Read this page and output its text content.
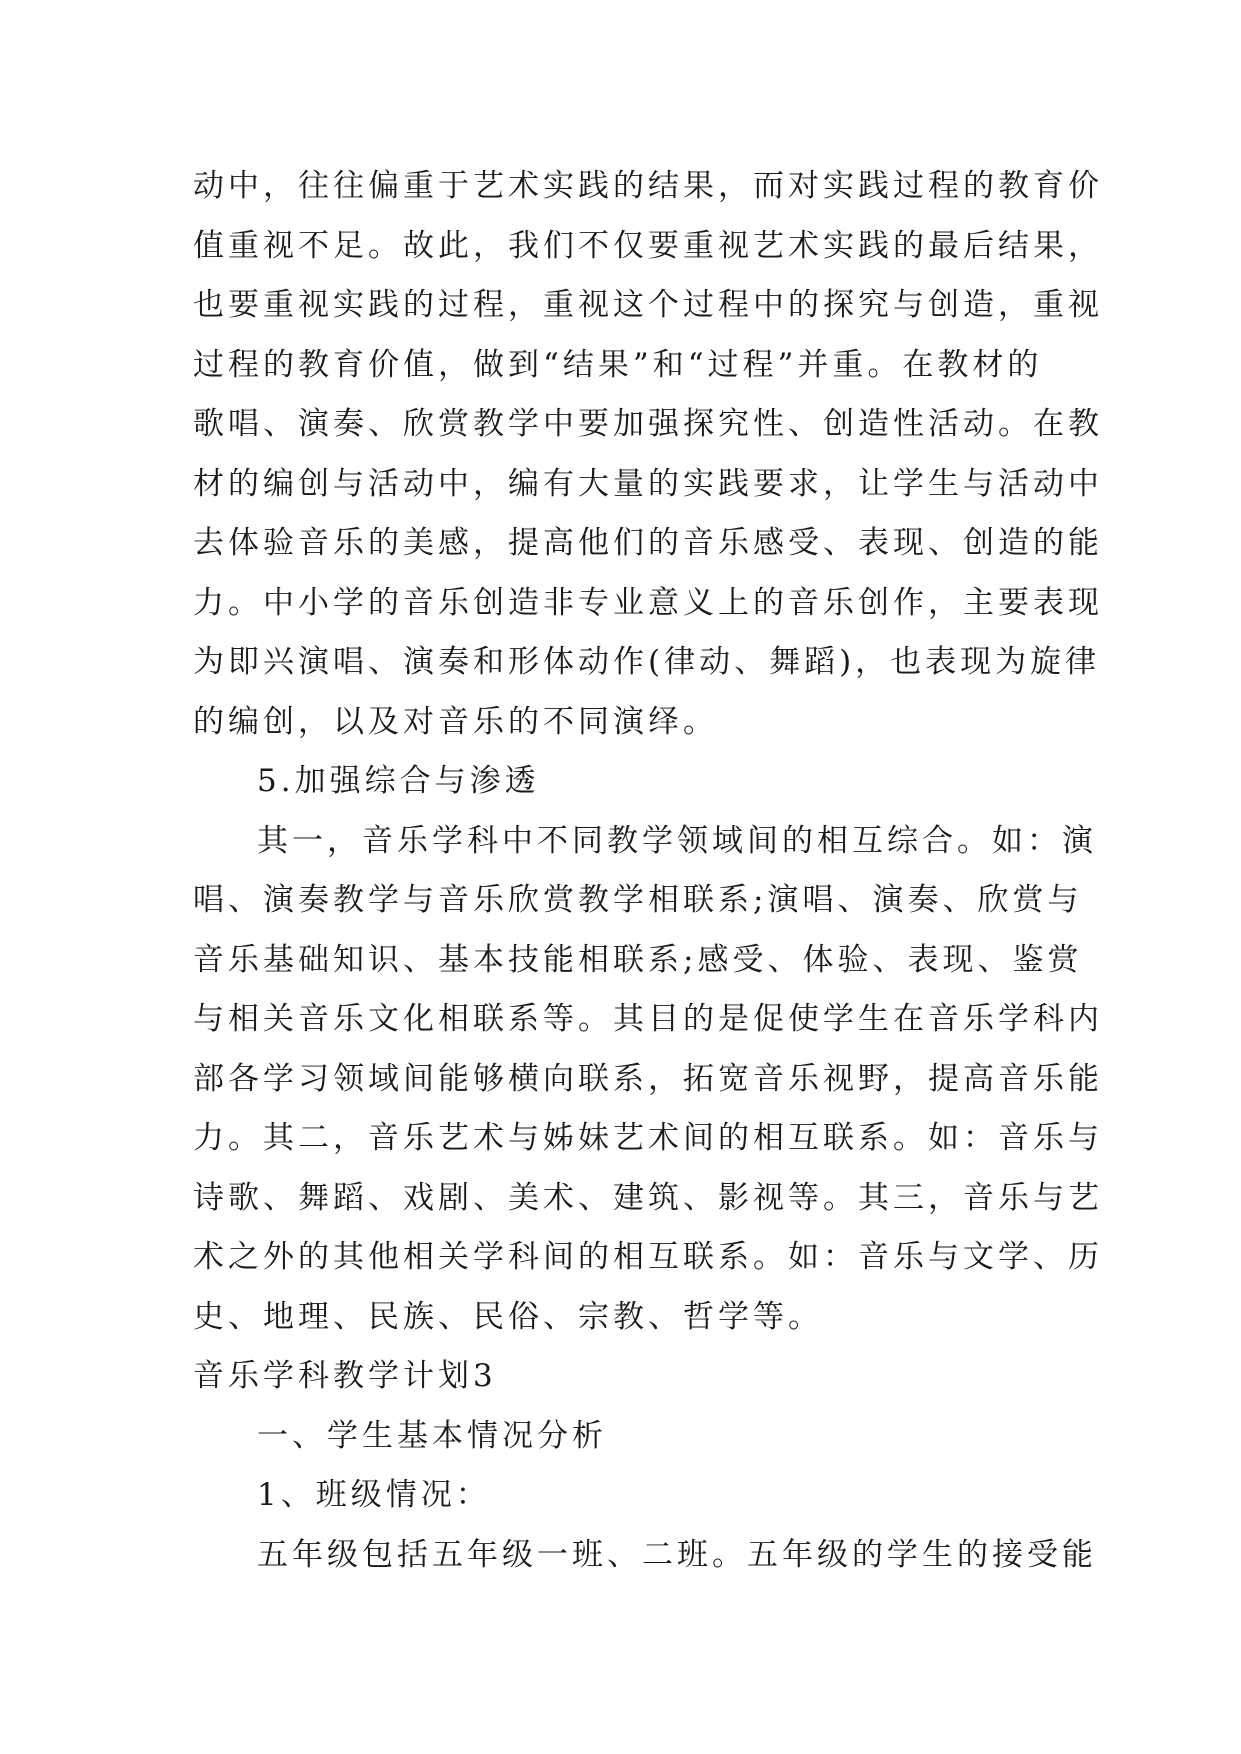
动中，往往偏重于艺术实践的结果，而对实践过程的教育价
值重视不足。故此，我们不仅要重视艺术实践的最后结果，
也要重视实践的过程，重视这个过程中的探究与创造，重视
过程的教育价值，做到“结果”和“过程”并重。在教材的
歌唱、演奏、欣赏教学中要加强探究性、创造性活动。在教
材的编创与活动中，编有大量的实践要求，让学生与活动中
去体验音乐的美感，提高他们的音乐感受、表现、创造的能
力。中小学的音乐创造非专业意义上的音乐创作，主要表现
为即兴演唱、演奏和形体动作(律动、舞蹈)，也表现为旋律
的编创，以及对音乐的不同演绎。
5.加强综合与渗透
其一，音乐学科中不同教学领域间的相互综合。如：演
唱、演奏教学与音乐欣赏教学相联系;演唱、演奏、欣赏与
音乐基础知识、基本技能相联系;感受、体验、表现、鉴赏
与相关音乐文化相联系等。其目的是促使学生在音乐学科内
部各学习领域间能够横向联系，拓宽音乐视野，提高音乐能
力。其二，音乐艺术与姊妹艺术间的相互联系。如：音乐与
诗歌、舞蹈、戏剧、美术、建筑、影视等。其三，音乐与艺
术之外的其他相关学科间的相互联系。如：音乐与文学、历
史、地理、民族、民俗、宗教、哲学等。
音乐学科教学计划3
一、学生基本情况分析
1、班级情况：
五年级包括五年级一班、二班。五年级的学生的接受能
